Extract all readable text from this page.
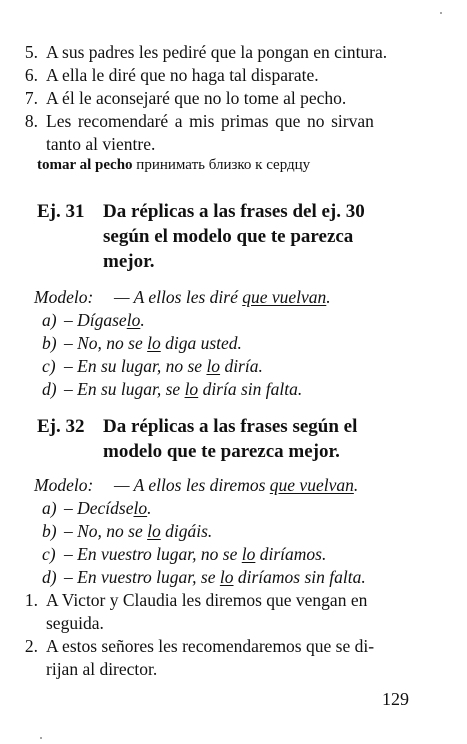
5. A sus padres les pediré que la pongan en cintura.
6. A ella le diré que no haga tal disparate.
7. A él le aconsejaré que no lo tome al pecho.
8. Les recomendaré a mis primas que no sirvan
tanto al vientre.
tomar al pecho принимать близко к сердцу
Ej. 31 Da réplicas a las frases del ej. 30
según el modelo que te parezca
mejor.
Modelo: — A ellos les diré que vuelvan.
a) – Dígaselo.
b) – No, no se lo diga usted.
c) – En su lugar, no se lo diría.
d) – En su lugar, se lo diría sin falta.
Ej. 32 Da réplicas a las frases según el
modelo que te parezca mejor.
Modelo: — A ellos les diremos que vuelvan.
a) – Decídselo.
b) – No, no se lo digáis.
c) – En vuestro lugar, no se lo diríamos.
d) – En vuestro lugar, se lo diríamos sin falta.
1. A Victor y Claudia les diremos que vengan en
seguida.
2. A estos señores les recomendaremos que se di-
rijan al director.
129
